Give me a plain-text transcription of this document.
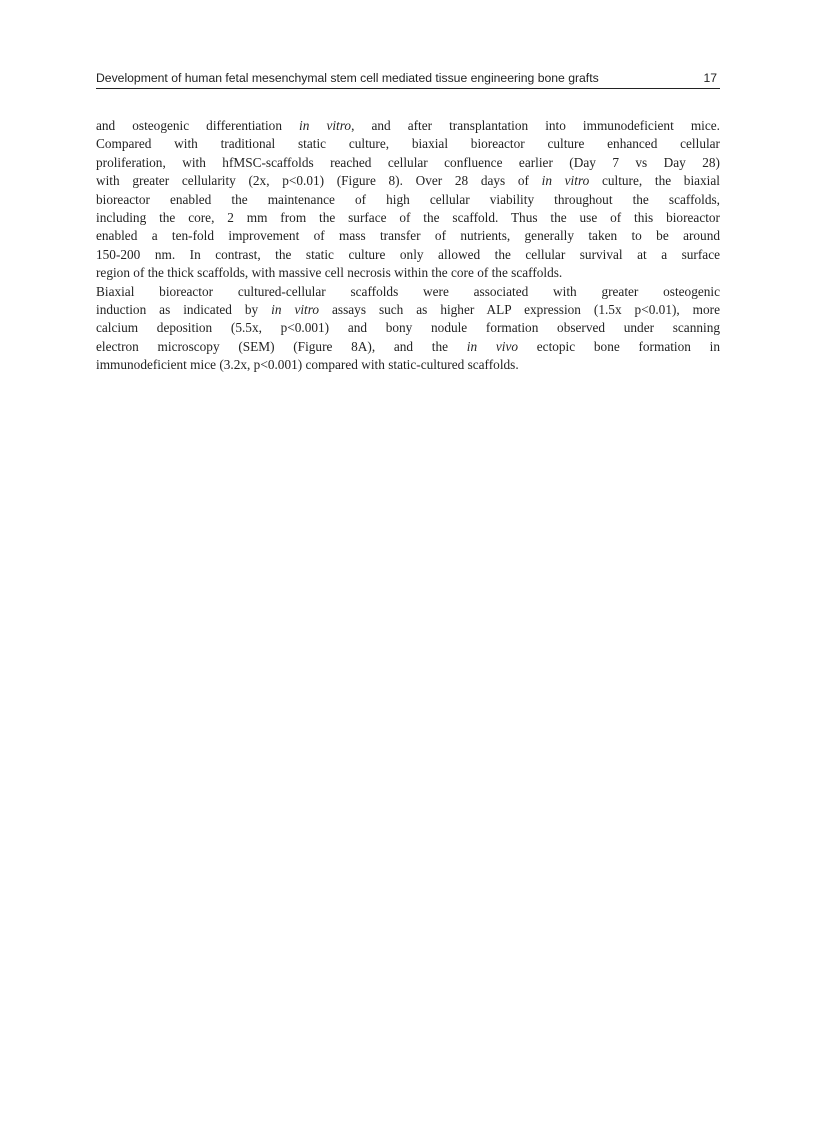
Development of human fetal mesenchymal stem cell mediated tissue engineering bone grafts	17
and osteogenic differentiation in vitro, and after transplantation into immunodeficient mice.
Compared with traditional static culture, biaxial bioreactor culture enhanced cellular
proliferation, with hfMSC-scaffolds reached cellular confluence earlier (Day 7 vs Day 28)
with greater cellularity (2x, p<0.01) (Figure 8). Over 28 days of in vitro culture, the biaxial
bioreactor enabled the maintenance of high cellular viability throughout the scaffolds,
including the core, 2 mm from the surface of the scaffold. Thus the use of this bioreactor
enabled a ten-fold improvement of mass transfer of nutrients, generally taken to be around
150-200 nm. In contrast, the static culture only allowed the cellular survival at a surface
region of the thick scaffolds, with massive cell necrosis within the core of the scaffolds.
Biaxial bioreactor cultured-cellular scaffolds were associated with greater osteogenic
induction as indicated by in vitro assays such as higher ALP expression (1.5x p<0.01), more
calcium deposition (5.5x, p<0.001) and bony nodule formation observed under scanning
electron microscopy (SEM) (Figure 8A), and the in vivo ectopic bone formation in
immunodeficient mice (3.2x, p<0.001) compared with static-cultured scaffolds.
